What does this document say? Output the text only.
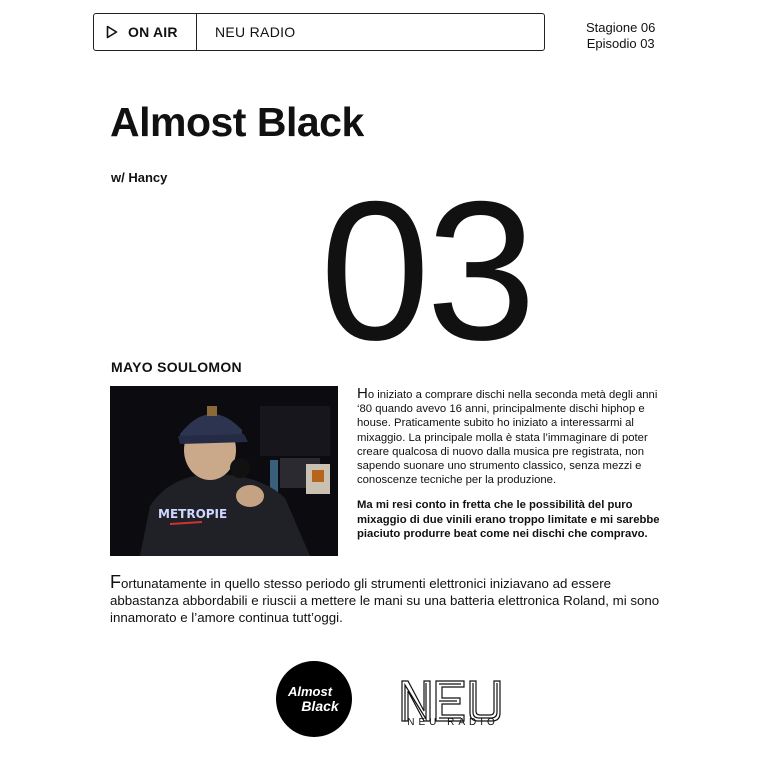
ON AIR	NEU RADIO	Stagione 06
Episodio 03
Almost Black
w/ Hancy 03
MAYO SOULOMON
METROPIE

Ho iniziato a comprare dischi nella seconda metà degli anni ‘80 quando avevo 16 anni, principalmente dischi hiphop e house. Praticamente subito ho iniziato a interessarmi al mixaggio. La principale molla è stata l’immaginare di poter creare qualcosa di nuovo dalla musica pre registrata, non sapendo suonare uno strumento classico, senza mezzi e conoscenze tecniche per la produzione.

Ma mi resi conto in fretta che le possibilità del puro mixaggio di due vinili erano troppo limitate e mi sarebbe piaciuto produrre beat come nei dischi che compravo.

Fortunatamente in quello stesso periodo gli strumenti elettronici iniziavano ad essere abbastanza abbordabili e riuscii a mettere le mani su una batteria elettronica Roland, mi sono innamorato e l’amore continua tutt’oggi.

Almost
Black
NEU RADIO
